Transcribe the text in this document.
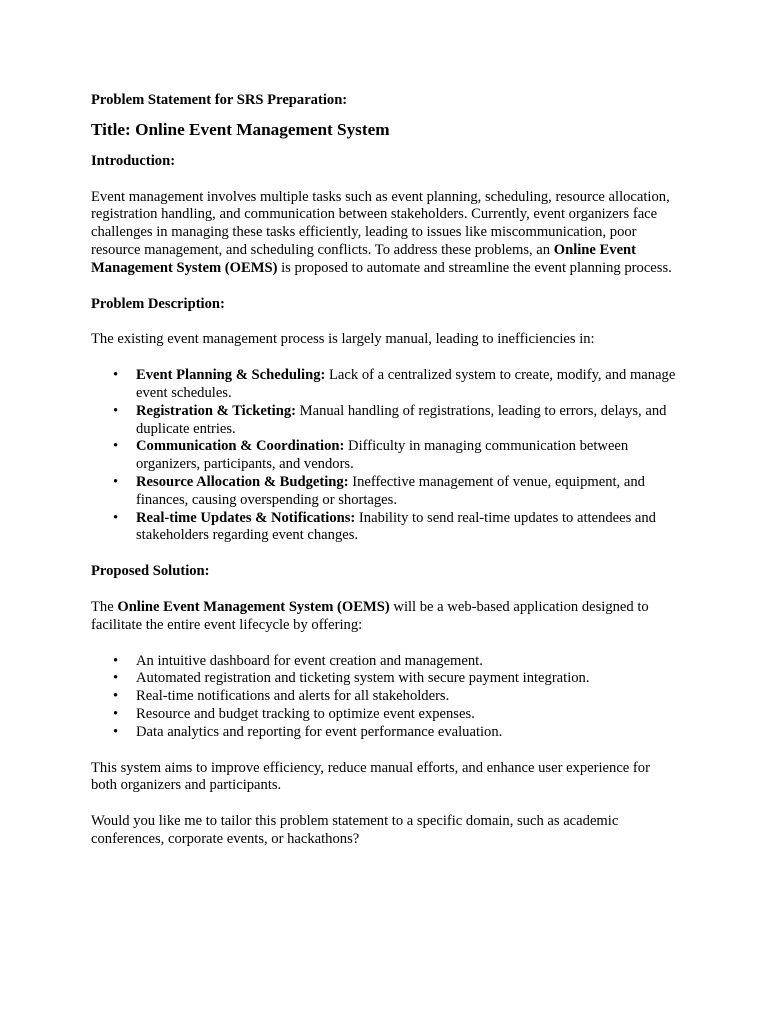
Problem Statement for SRS Preparation:
Title: Online Event Management System
Introduction:

Event management involves multiple tasks such as event planning, scheduling, resource allocation, registration handling, and communication between stakeholders. Currently, event organizers face challenges in managing these tasks efficiently, leading to issues like miscommunication, poor resource management, and scheduling conflicts. To address these problems, an Online Event Management System (OEMS) is proposed to automate and streamline the event planning process.

Problem Description:

The existing event management process is largely manual, leading to inefficiencies in:

• Event Planning & Scheduling: Lack of a centralized system to create, modify, and manage event schedules.
• Registration & Ticketing: Manual handling of registrations, leading to errors, delays, and duplicate entries.
• Communication & Coordination: Difficulty in managing communication between organizers, participants, and vendors.
• Resource Allocation & Budgeting: Ineffective management of venue, equipment, and finances, causing overspending or shortages.
• Real-time Updates & Notifications: Inability to send real-time updates to attendees and stakeholders regarding event changes.
Proposed Solution:

The Online Event Management System (OEMS) will be a web-based application designed to facilitate the entire event lifecycle by offering:

• An intuitive dashboard for event creation and management.
• Automated registration and ticketing system with secure payment integration.
• Real-time notifications and alerts for all stakeholders.
• Resource and budget tracking to optimize event expenses.
• Data analytics and reporting for event performance evaluation.

This system aims to improve efficiency, reduce manual efforts, and enhance user experience for both organizers and participants.

Would you like me to tailor this problem statement to a specific domain, such as academic conferences, corporate events, or hackathons?
